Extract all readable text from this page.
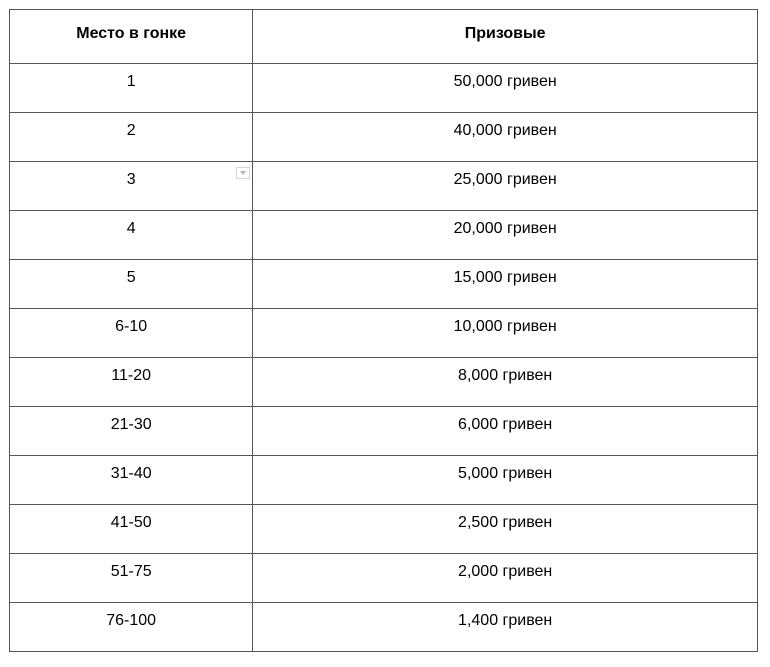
Место в гонке	Призовые

1	50,000 гривен

2	40,000 гривен

3	25,000 гривен

4	20,000 гривен

5	15,000 гривен

6-10	10,000 гривен

11-20	8,000 гривен

21-30	6,000 гривен

31-40	5,000 гривен

41-50	2,500 гривен

51-75	2,000 гривен

76-100	1,400 гривен
